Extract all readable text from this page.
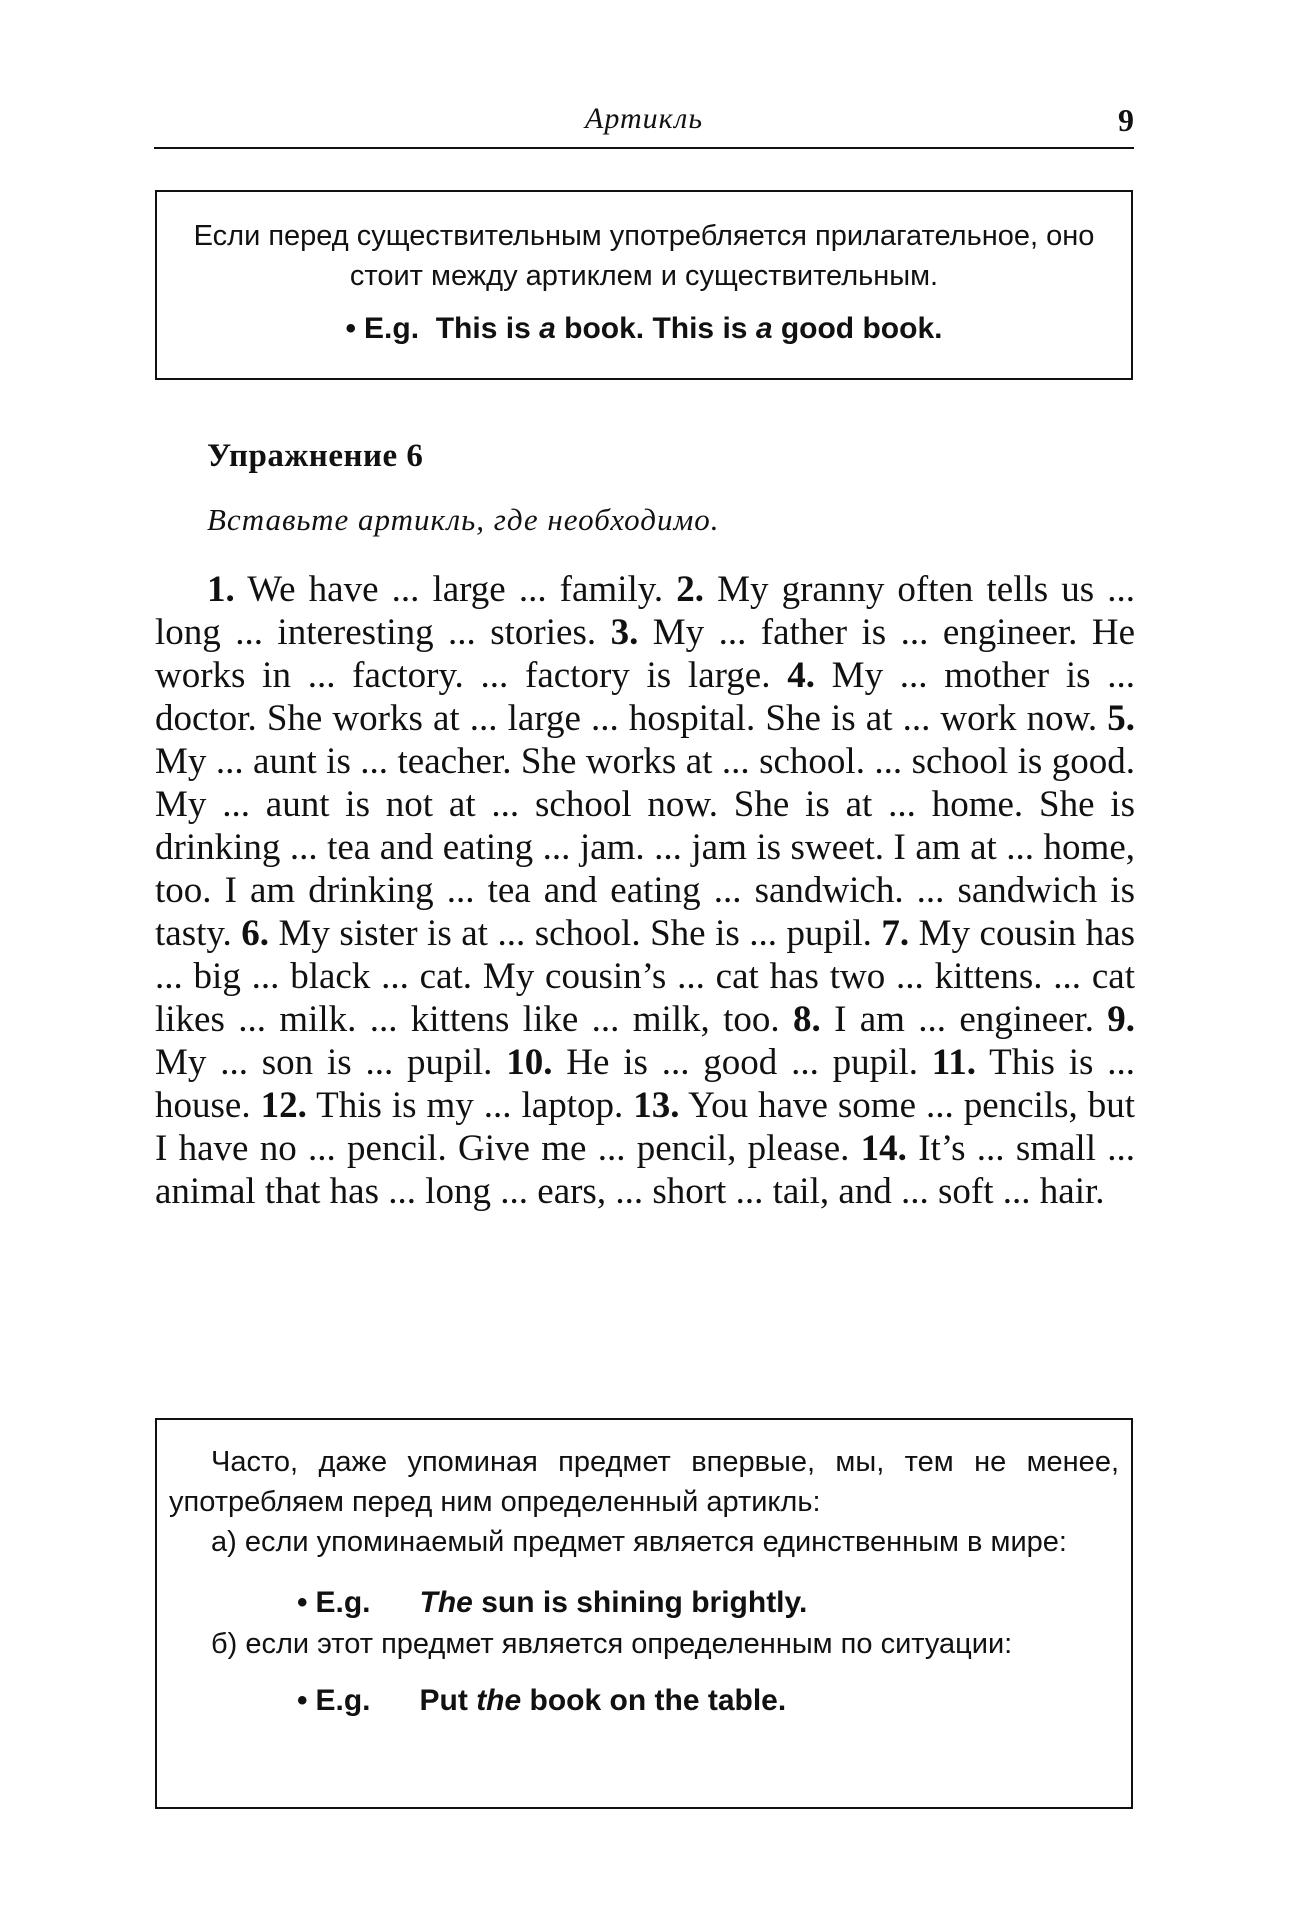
Артикль	9

Если перед существительным употребляется прилагательное, оно стоит между артиклем и существительным.

• E.g. This is a book. This is a good book.
Упражнение 6
Вставьте артикль, где необходимо.

1. We have ... large ... family. 2. My granny often tells us ... long ... interesting ... stories. 3. My ... father is ... engineer. He works in ... factory. ... factory is large. 4. My ... mother is ... doctor. She works at ... large ... hospital. She is at ... work now. 5. My ... aunt is ... teacher. She works at ... school. ... school is good. My ... aunt is not at ... school now. She is at ... home. She is drinking ... tea and eating ... jam. ... jam is sweet. I am at ... home, too. I am drinking ... tea and eating ... sandwich. ... sandwich is tasty. 6. My sister is at ... school. She is ... pupil. 7. My cousin has ... big ... black ... cat. My cousin’s ... cat has two ... kittens. ... cat likes ... milk. ... kittens like ... milk, too. 8. I am ... engineer. 9. My ... son is ... pupil. 10. He is ... good ... pupil. 11. This is ... house. 12. This is my ... laptop. 13. You have some ... pencils, but I have no ... pencil. Give me ... pencil, please. 14. It’s ... small ... animal that has ... long ... ears, ... short ... tail, and ... soft ... hair.

Часто, даже упоминая предмет впервые, мы, тем не менее, употребляем перед ним определенный артикль:

а) если упоминаемый предмет является единственным в мире:

• E.g. The sun is shining brightly.

б) если этот предмет является определенным по ситуации:

• E.g. Put the book on the table.
